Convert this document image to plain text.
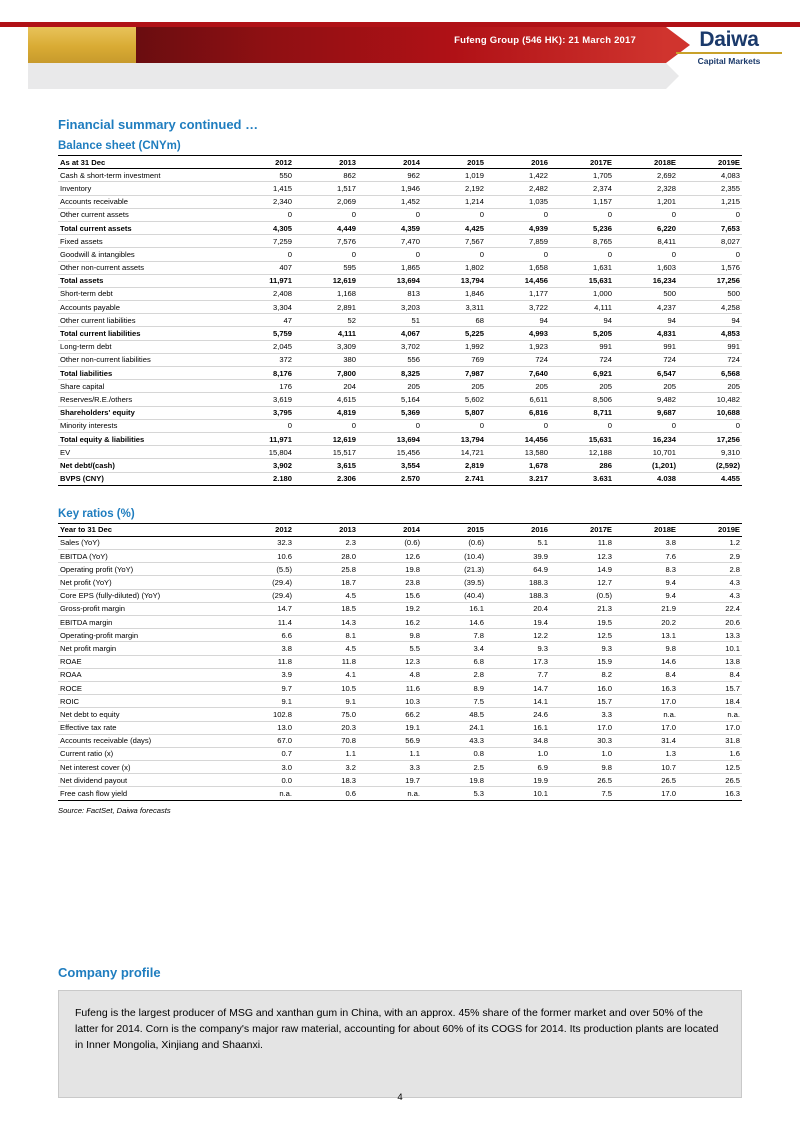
Fufeng Group (546 HK): 21 March 2017	Daiwa
Capital Markets
Financial summary continued …
Balance sheet (CNYm)
As at 31 Dec	2012	2013	2014	2015	2016	2017E	2018E	2019E
Cash & short-term investment	550	862	962	1,019	1,422	1,705	2,692	4,083
Inventory	1,415	1,517	1,946	2,192	2,482	2,374	2,328	2,355
Accounts receivable	2,340	2,069	1,452	1,214	1,035	1,157	1,201	1,215
Other current assets	0	0	0	0	0	0	0	0
Total current assets	4,305	4,449	4,359	4,425	4,939	5,236	6,220	7,653
Fixed assets	7,259	7,576	7,470	7,567	7,859	8,765	8,411	8,027
Goodwill & intangibles	0	0	0	0	0	0	0	0
Other non-current assets	407	595	1,865	1,802	1,658	1,631	1,603	1,576
Total assets	11,971	12,619	13,694	13,794	14,456	15,631	16,234	17,256
Short-term debt	2,408	1,168	813	1,846	1,177	1,000	500	500
Accounts payable	3,304	2,891	3,203	3,311	3,722	4,111	4,237	4,258
Other current liabilities	47	52	51	68	94	94	94	94
Total current liabilities	5,759	4,111	4,067	5,225	4,993	5,205	4,831	4,853
Long-term debt	2,045	3,309	3,702	1,992	1,923	991	991	991
Other non-current liabilities	372	380	556	769	724	724	724	724
Total liabilities	8,176	7,800	8,325	7,987	7,640	6,921	6,547	6,568
Share capital	176	204	205	205	205	205	205	205
Reserves/R.E./others	3,619	4,615	5,164	5,602	6,611	8,506	9,482	10,482
Shareholders' equity	3,795	4,819	5,369	5,807	6,816	8,711	9,687	10,688
Minority interests	0	0	0	0	0	0	0	0
Total equity & liabilities	11,971	12,619	13,694	13,794	14,456	15,631	16,234	17,256
EV	15,804	15,517	15,456	14,721	13,580	12,188	10,701	9,310
Net debt/(cash)	3,902	3,615	3,554	2,819	1,678	286	(1,201)	(2,592)
BVPS (CNY)	2.180	2.306	2.570	2.741	3.217	3.631	4.038	4.455
Key ratios (%)
Year to 31 Dec	2012	2013	2014	2015	2016	2017E	2018E	2019E
Sales (YoY)	32.3	2.3	(0.6)	(0.6)	5.1	11.8	3.8	1.2
EBITDA (YoY)	10.6	28.0	12.6	(10.4)	39.9	12.3	7.6	2.9
Operating profit (YoY)	(5.5)	25.8	19.8	(21.3)	64.9	14.9	8.3	2.8
Net profit (YoY)	(29.4)	18.7	23.8	(39.5)	188.3	12.7	9.4	4.3
Core EPS (fully-diluted) (YoY)	(29.4)	4.5	15.6	(40.4)	188.3	(0.5)	9.4	4.3
Gross-profit margin	14.7	18.5	19.2	16.1	20.4	21.3	21.9	22.4
EBITDA margin	11.4	14.3	16.2	14.6	19.4	19.5	20.2	20.6
Operating-profit margin	6.6	8.1	9.8	7.8	12.2	12.5	13.1	13.3
Net profit margin	3.8	4.5	5.5	3.4	9.3	9.3	9.8	10.1
ROAE	11.8	11.8	12.3	6.8	17.3	15.9	14.6	13.8
ROAA	3.9	4.1	4.8	2.8	7.7	8.2	8.4	8.4
ROCE	9.7	10.5	11.6	8.9	14.7	16.0	16.3	15.7
ROIC	9.1	9.1	10.3	7.5	14.1	15.7	17.0	18.4
Net debt to equity	102.8	75.0	66.2	48.5	24.6	3.3	n.a.	n.a.
Effective tax rate	13.0	20.3	19.1	24.1	16.1	17.0	17.0	17.0
Accounts receivable (days)	67.0	70.8	56.9	43.3	34.8	30.3	31.4	31.8
Current ratio (x)	0.7	1.1	1.1	0.8	1.0	1.0	1.3	1.6
Net interest cover (x)	3.0	3.2	3.3	2.5	6.9	9.8	10.7	12.5
Net dividend payout	0.0	18.3	19.7	19.8	19.9	26.5	26.5	26.5
Free cash flow yield	n.a.	0.6	n.a.	5.3	10.1	7.5	17.0	16.3
Source: FactSet, Daiwa forecasts
Company profile
Fufeng is the largest producer of MSG and xanthan gum in China, with an approx. 45% share of the former market and over 50% of the latter for 2014. Corn is the company's major raw material, accounting for about 60% of its COGS for 2014. Its production plants are located in Inner Mongolia, Xinjiang and Shaanxi.
4
